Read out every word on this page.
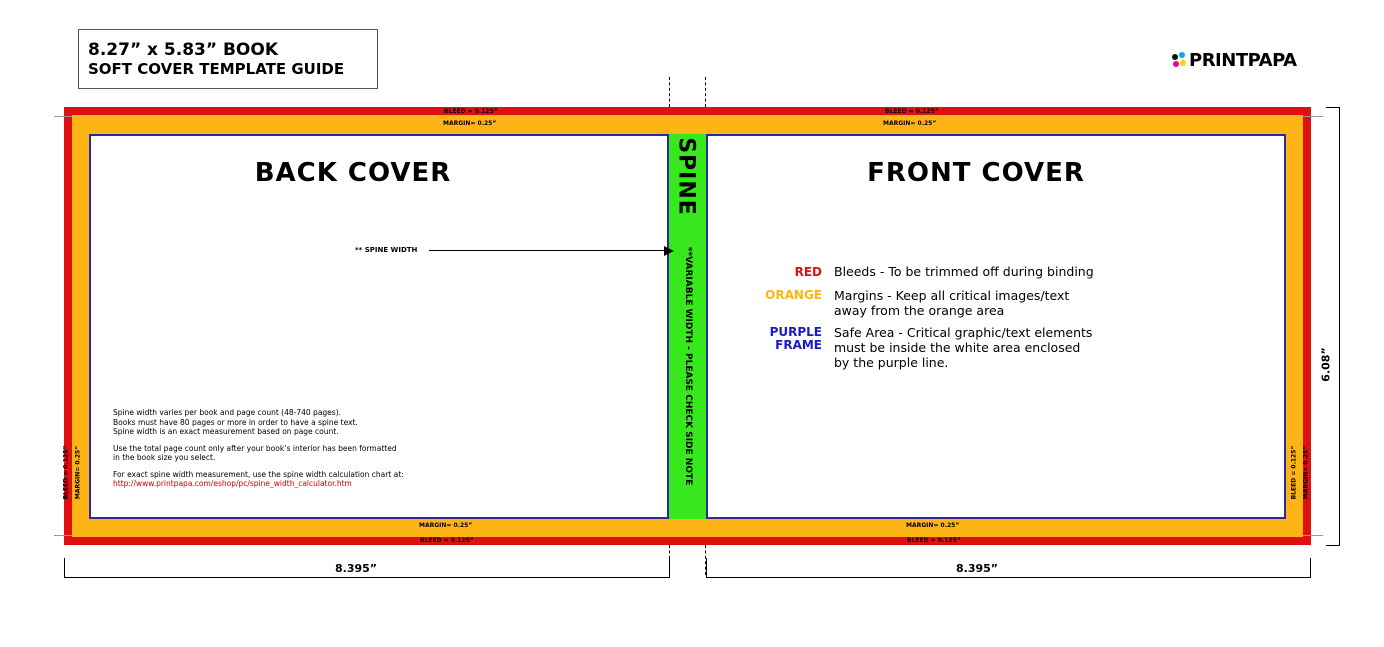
8.27” x 5.83” BOOK
SOFT COVER TEMPLATE GUIDE	PRINTPAPA
BLEED = 0.125”	BLEED = 0.125”
MARGIN= 0.25”	MARGIN= 0.25”
MARGIN= 0.25”	MARGIN= 0.25”
BLEED = 0.125”	BLEED = 0.125”
BLEED = 0.125” MARGIN= 0.25”	BLEED = 0.125” MARGIN= 0.25”
BACK COVER
** SPINE WIDTH
Spine width varies per book and page count (48-740 pages).
Books must have 80 pages or more in order to have a spine text.
Spine width is an exact measurement based on page count.
Use the total page count only after your book’s interior has been formatted
in the book size you select.
For exact spine width measurement, use the spine width calculation chart at:
http://www.printpapa.com/eshop/pc/spine_width_calculator.htm
SPINE
**VARIABLE WIDTH - PLEASE CHECK SIDE NOTE
FRONT COVER
RED Bleeds - To be trimmed off during binding
ORANGE Margins - Keep all critical images/text away from the orange area
PURPLE FRAME
Safe Area - Critical graphic/text elements must be inside the white area enclosed by the purple line.
8.395”	8.395”
6.08”
